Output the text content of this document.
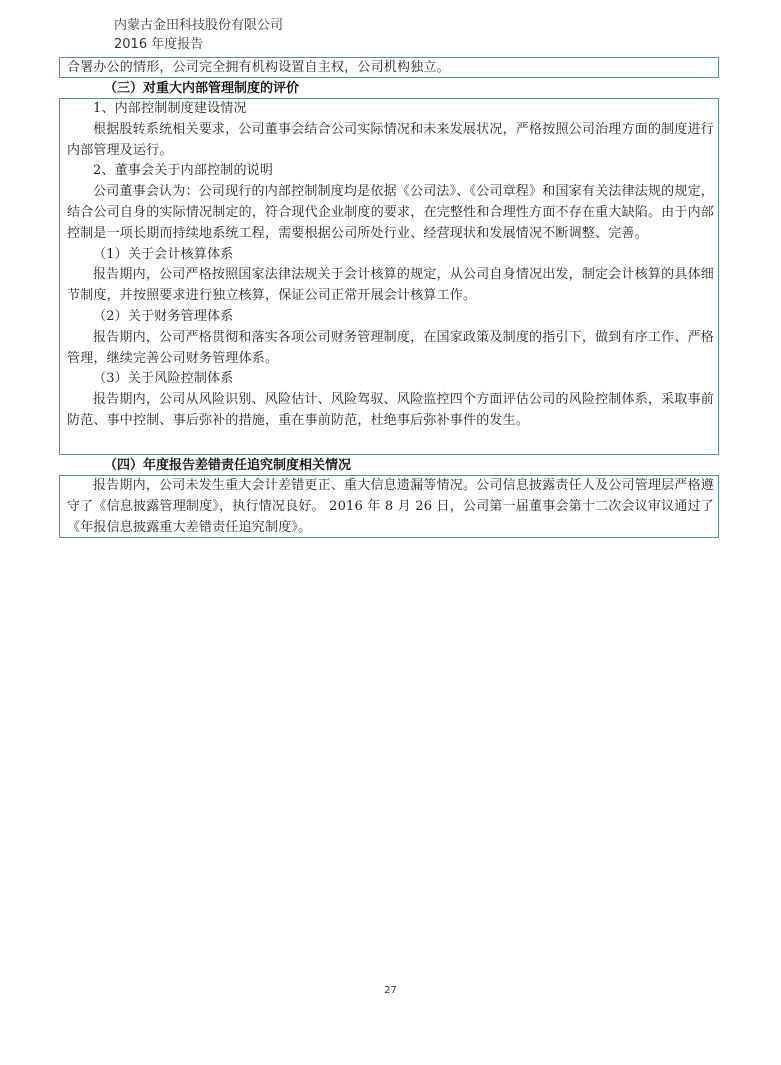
内蒙古金田科技股份有限公司
2016 年度报告

合署办公的情形，公司完全拥有机构设置自主权，公司机构独立。

（三）对重大内部管理制度的评价

1、内部控制制度建设情况

根据股转系统相关要求，公司董事会结合公司实际情况和未来发展状况，严格按照公司治理方面的制度进行内部管理及运行。

2、董事会关于内部控制的说明

公司董事会认为：公司现行的内部控制制度均是依据《公司法》、《公司章程》和国家有关法律法规的规定，结合公司自身的实际情况制定的，符合现代企业制度的要求，在完整性和合理性方面不存在重大缺陷。由于内部控制是一项长期而持续地系统工程，需要根据公司所处行业、经营现状和发展情况不断调整、完善。

（1）关于会计核算体系

报告期内，公司严格按照国家法律法规关于会计核算的规定，从公司自身情况出发，制定会计核算的具体细节制度，并按照要求进行独立核算，保证公司正常开展会计核算工作。

（2）关于财务管理体系

报告期内，公司严格贯彻和落实各项公司财务管理制度，在国家政策及制度的指引下，做到有序工作、严格管理，继续完善公司财务管理体系。

（3）关于风险控制体系

报告期内，公司从风险识别、风险估计、风险驾驭、风险监控四个方面评估公司的风险控制体系，采取事前防范、事中控制、事后弥补的措施，重在事前防范，杜绝事后弥补事件的发生。

（四）年度报告差错责任追究制度相关情况

报告期内，公司未发生重大会计差错更正、重大信息遗漏等情况。公司信息披露责任人及公司管理层严格遵守了《信息披露管理制度》，执行情况良好。 2016 年 8 月 26 日，公司第一届董事会第十二次会议审议通过了《年报信息披露重大差错责任追究制度》。

27
